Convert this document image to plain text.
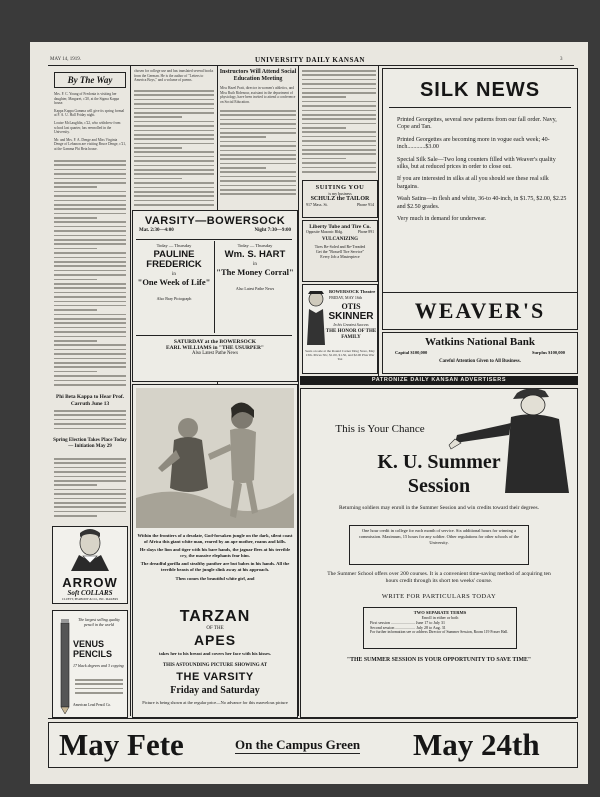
MAY 14, 1919.	UNIVERSITY DAILY KANSAN	3
By The Way

Mrs. F. C. Young of Fredonia is visiting her daughter, Margaret, c'20, at the Sigma Kappa house.

Kappa Kappa Gamma will give its spring formal at F. A. U. Hall Friday night.

Louise McLaughlin, c'22, who withdrew from school last quarter, has reenrolled in the University.

Mr. and Mrs. F. A. Denge and Miss Virginia Denge of Lebanon are visiting Bruce Denge, c'21, at the Gamma Phi Beta house.

Phi Beta Kappa to Hear Prof. Carruth June 13
Spring Election Takes Place Today — Initiation May 29
ARROW
Soft COLLARS
CLUETT, PEABODY & CO., INC. MAKERS
The largest selling quality pencil in the world
VENUS PENCILS
17 black degrees and 3 copying
American Lead Pencil Co.
chosen for college use and has translated several books from the German. He is the author of "Letters to America Boys," and a volume of poems.
Instructors Will Attend Social Education Meeting
Miss Hazel Pratt, director in women's athletics, and Miss Ruth Ridenour, assistant in the department of physiology, have been invited to attend a conference on Social Education.
SUITING YOU
is my business
SCHULZ the TAILOR
917 Mass. St.	Phone 914
Liberty Tube and Tire Co.
Opposite Masonic Bldg.	Phone 891
VULCANIZING
Tires Re-Soled and Re-Treaded
Get the "Bossell Tire Service"
Every Job a Masterpiece
BOWERSOCK Theatre
FRIDAY, MAY 16th
OTIS
SKINNER
In his Greatest Success
THE HONOR OF THE FAMILY
Seats on sale at the Round Corner Drug Store, May 13th. Prices 50c, $1.00, $1.50, and $2.00 Plus War Tax
SILK NEWS

Printed Georgettes, several new patterns from our fall order. Navy, Cope and Tan.

Printed Georgettes are becoming more in vogue each week; 40-inch............$3.00

Special Silk Sale—Two long counters filled with Weaver's quality silks, but at reduced prices in order to close out.

If you are interested in silks at all you should see these real silk bargains.

Wash Satins—in flesh and white, 36-to 40-inch, in $1.75, $2.00, $2.25 and $2.50 grades.

Very much in demand for underwear.

WEAVER'S
Watkins National Bank
Capital $100,000	Surplus $100,000
Careful Attention Given to All Business.
PATRONIZE DAILY KANSAN ADVERTISERS
VARSITY—BOWERSOCK
Mat. 2:30—4:00	Night 7:30—9:00
Today — Thursday
PAULINE FREDERICK
in
"One Week of Life"
Also Bray Pictograph
Today — Thursday
Wm. S. HART
in
"The Money Corral"
Also Latest Pathe News
SATURDAY at the BOWERSOCK
EARL WILLIAMS in "THE USURPER"
Also Latest Pathe News

Within the frontiers of a desolate, God-forsaken jungle on the dark, silent coast of Africa this giant white man, reared by an ape mother, roams and kills.

He slays the lion and tiger with his bare hands, the jaguar flees at his terrible cry, the massive elephants fear him.

The dreadful gorilla and stealthy panther are but babes in his hands. All the terrible beasts of the jungle slink away at his approach.

Then comes the beautiful white girl, and

TARZAN
OF THE
APES
takes her to his breast and covers her face with his kisses.
THIS ASTOUNDING PICTURE SHOWING AT
THE VARSITY
Friday and Saturday
Picture is being shown at the regular price—No advance for this marvelous picture
This is Your Chance
K. U. Summer
Session
Returning soldiers may enroll in the Summer Session and win credits toward their degrees.
One hour credit in college for each month of service. Six additional hours for winning a commission. Maximum, 15 hours for any soldier. Other regulations for other schools of the University.
The Summer School offers over 200 courses. It is a convenient time-saving method of acquiring ten hours credit through its short ten weeks' course.
WRITE FOR PARTICULARS TODAY
TWO SEPARATE TERMS
Enroll in either or both
First session ........................ June 17 to July 31
Second session .................... July 28 to Aug. 31
For further information see or address Director of Summer Session, Room 119 Fraser Hall.
"THE SUMMER SESSION IS YOUR OPPORTUNITY TO SAVE TIME"
May Fete	On the Campus Green May 24th
